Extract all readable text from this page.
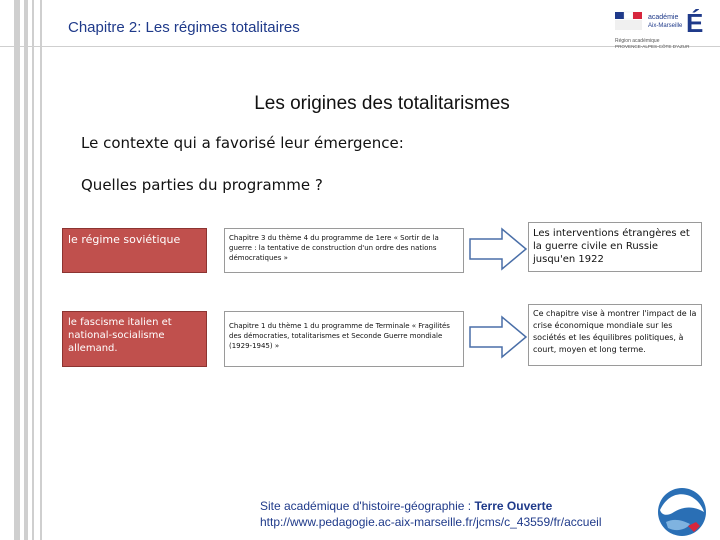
Chapitre 2: Les régimes totalitaires
académie
Aix-Marseille É
Région académique
PROVENCE-ALPES-CÔTE D'AZUR
Les origines des totalitarismes
Le contexte qui a favorisé leur émergence:
Quelles parties du programme ?
le régime soviétique	Chapitre 3 du thème 4 du programme de 1ere « Sortir de la guerre : la tentative de construction d'un ordre des nations démocratiques »
Les interventions étrangères et la guerre civile en Russie jusqu'en 1922
le fascisme italien et national-socialisme allemand.
Chapitre 1 du thème 1 du programme de Terminale « Fragilités des démocraties, totalitarismes et Seconde Guerre mondiale (1929-1945) »
Ce chapitre vise à montrer l'impact de la crise économique mondiale sur les sociétés et les équilibres politiques, à court, moyen et long terme.
Site académique d'histoire-géographie : Terre Ouverte
http://www.pedagogie.ac-aix-marseille.fr/jcms/c_43559/fr/accueil
